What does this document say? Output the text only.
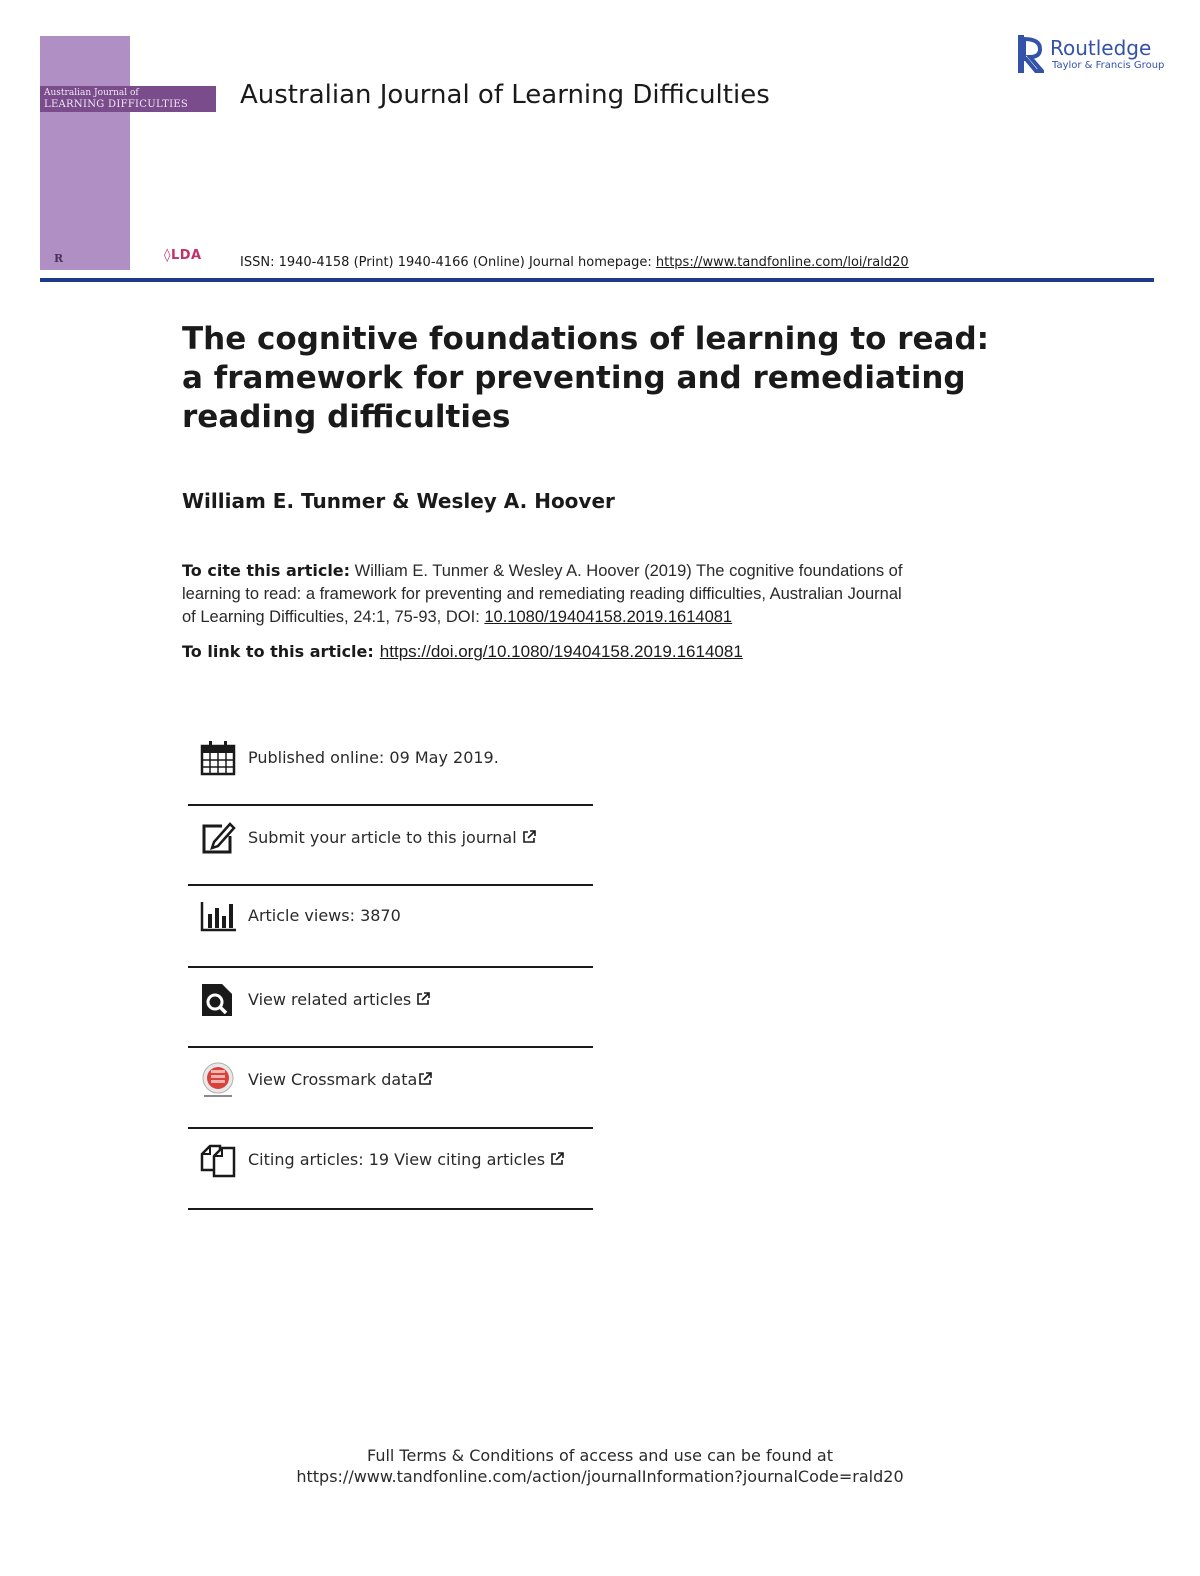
Australian Journal of
LEARNING DIFFICULTIES
R	◊LDA
Australian Journal of Learning Difficulties
Routledge
Taylor & Francis Group
ISSN: 1940-4158 (Print) 1940-4166 (Online) Journal homepage: https://www.tandfonline.com/loi/rald20
The cognitive foundations of learning to read:
a framework for preventing and remediating
reading difficulties
William E. Tunmer & Wesley A. Hoover
To cite this article: William E. Tunmer & Wesley A. Hoover (2019) The cognitive foundations of
learning to read: a framework for preventing and remediating reading difficulties, Australian Journal
of Learning Difficulties, 24:1, 75-93, DOI: 10.1080/19404158.2019.1614081
To link to this article: https://doi.org/10.1080/19404158.2019.1614081
Published online: 09 May 2019.
Submit your article to this journal
Article views: 3870
View related articles
View Crossmark data
Citing articles: 19 View citing articles
Full Terms & Conditions of access and use can be found at
https://www.tandfonline.com/action/journalInformation?journalCode=rald20
